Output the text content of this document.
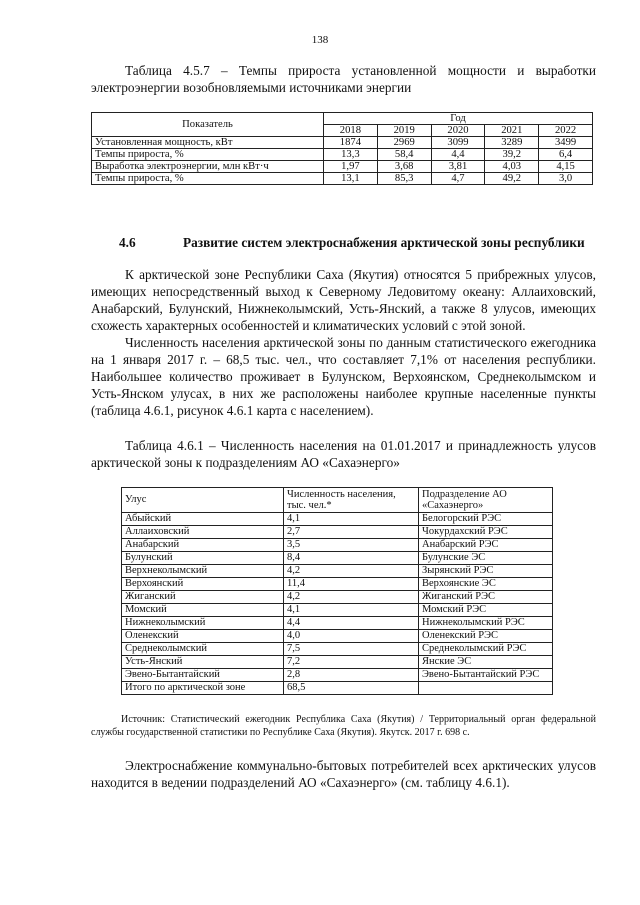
138

Таблица 4.5.7 – Темпы прироста установленной мощности и выработки электроэнергии возобновляемыми источниками энергии

Показатель	Год				
	2018	2019	2020	2021	2022
Установленная мощность, кВт	1874	2969	3099	3289	3499
Темпы прироста, %	13,3	58,4	4,4	39,2	6,4
Выработка электроэнергии, млн кВт·ч	1,97	3,68	3,81	4,03	4,15
Темпы прироста, %	13,1	85,3	4,7	49,2	3,0
4.6	Развитие систем электроснабжения арктической зоны республики

К арктической зоне Республики Саха (Якутия) относятся 5 прибрежных улусов, имеющих непосредственный выход к Северному Ледовитому океану: Аллаиховский, Анабарский, Булунский, Нижнеколымский, Усть-Янский, а также 8 улусов, имеющих схожесть характерных особенностей и климатических условий с этой зоной.

Численность населения арктической зоны по данным статистического ежегодника на 1 января 2017 г. – 68,5 тыс. чел., что составляет 7,1% от населения республики. Наибольшее количество проживает в Булунском, Верхоянском, Среднеколымском и Усть-Янском улусах, в них же расположены наиболее крупные населенные пункты (таблица 4.6.1, рисунок 4.6.1 карта с населением).

Таблица 4.6.1 – Численность населения на 01.01.2017 и принадлежность улусов арктической зоны к подразделениям АО «Сахаэнерго»

Улус	Численность населения, тыс. чел.*	Подразделение АО «Сахаэнерго»
Абыйский	4,1	Белогорский РЭС
Аллаиховский	2,7	Чокурдахский РЭС
Анабарский	3,5	Анабарский РЭС
Булунский	8,4	Булунские ЭС
Верхнеколымский	4,2	Зырянский РЭС
Верхоянский	11,4	Верхоянские ЭС
Жиганский	4,2	Жиганский РЭС
Момский	4,1	Момский РЭС
Нижнеколымский	4,4	Нижнеколымский РЭС
Оленекский	4,0	Оленекский РЭС
Среднеколымский	7,5	Среднеколымский РЭС
Усть-Янский	7,2	Янские ЭС
Эвено-Бытантайский	2,8	Эвено-Бытантайский РЭС
Итого по арктической зоне	68,5	
Источник: Статистический ежегодник Республика Саха (Якутия) / Территориальный орган федеральной службы государственной статистики по Республике Саха (Якутия). Якутск. 2017 г. 698 с.

Электроснабжение коммунально-бытовых потребителей всех арктических улусов находится в ведении подразделений АО «Сахаэнерго» (см. таблицу 4.6.1).
